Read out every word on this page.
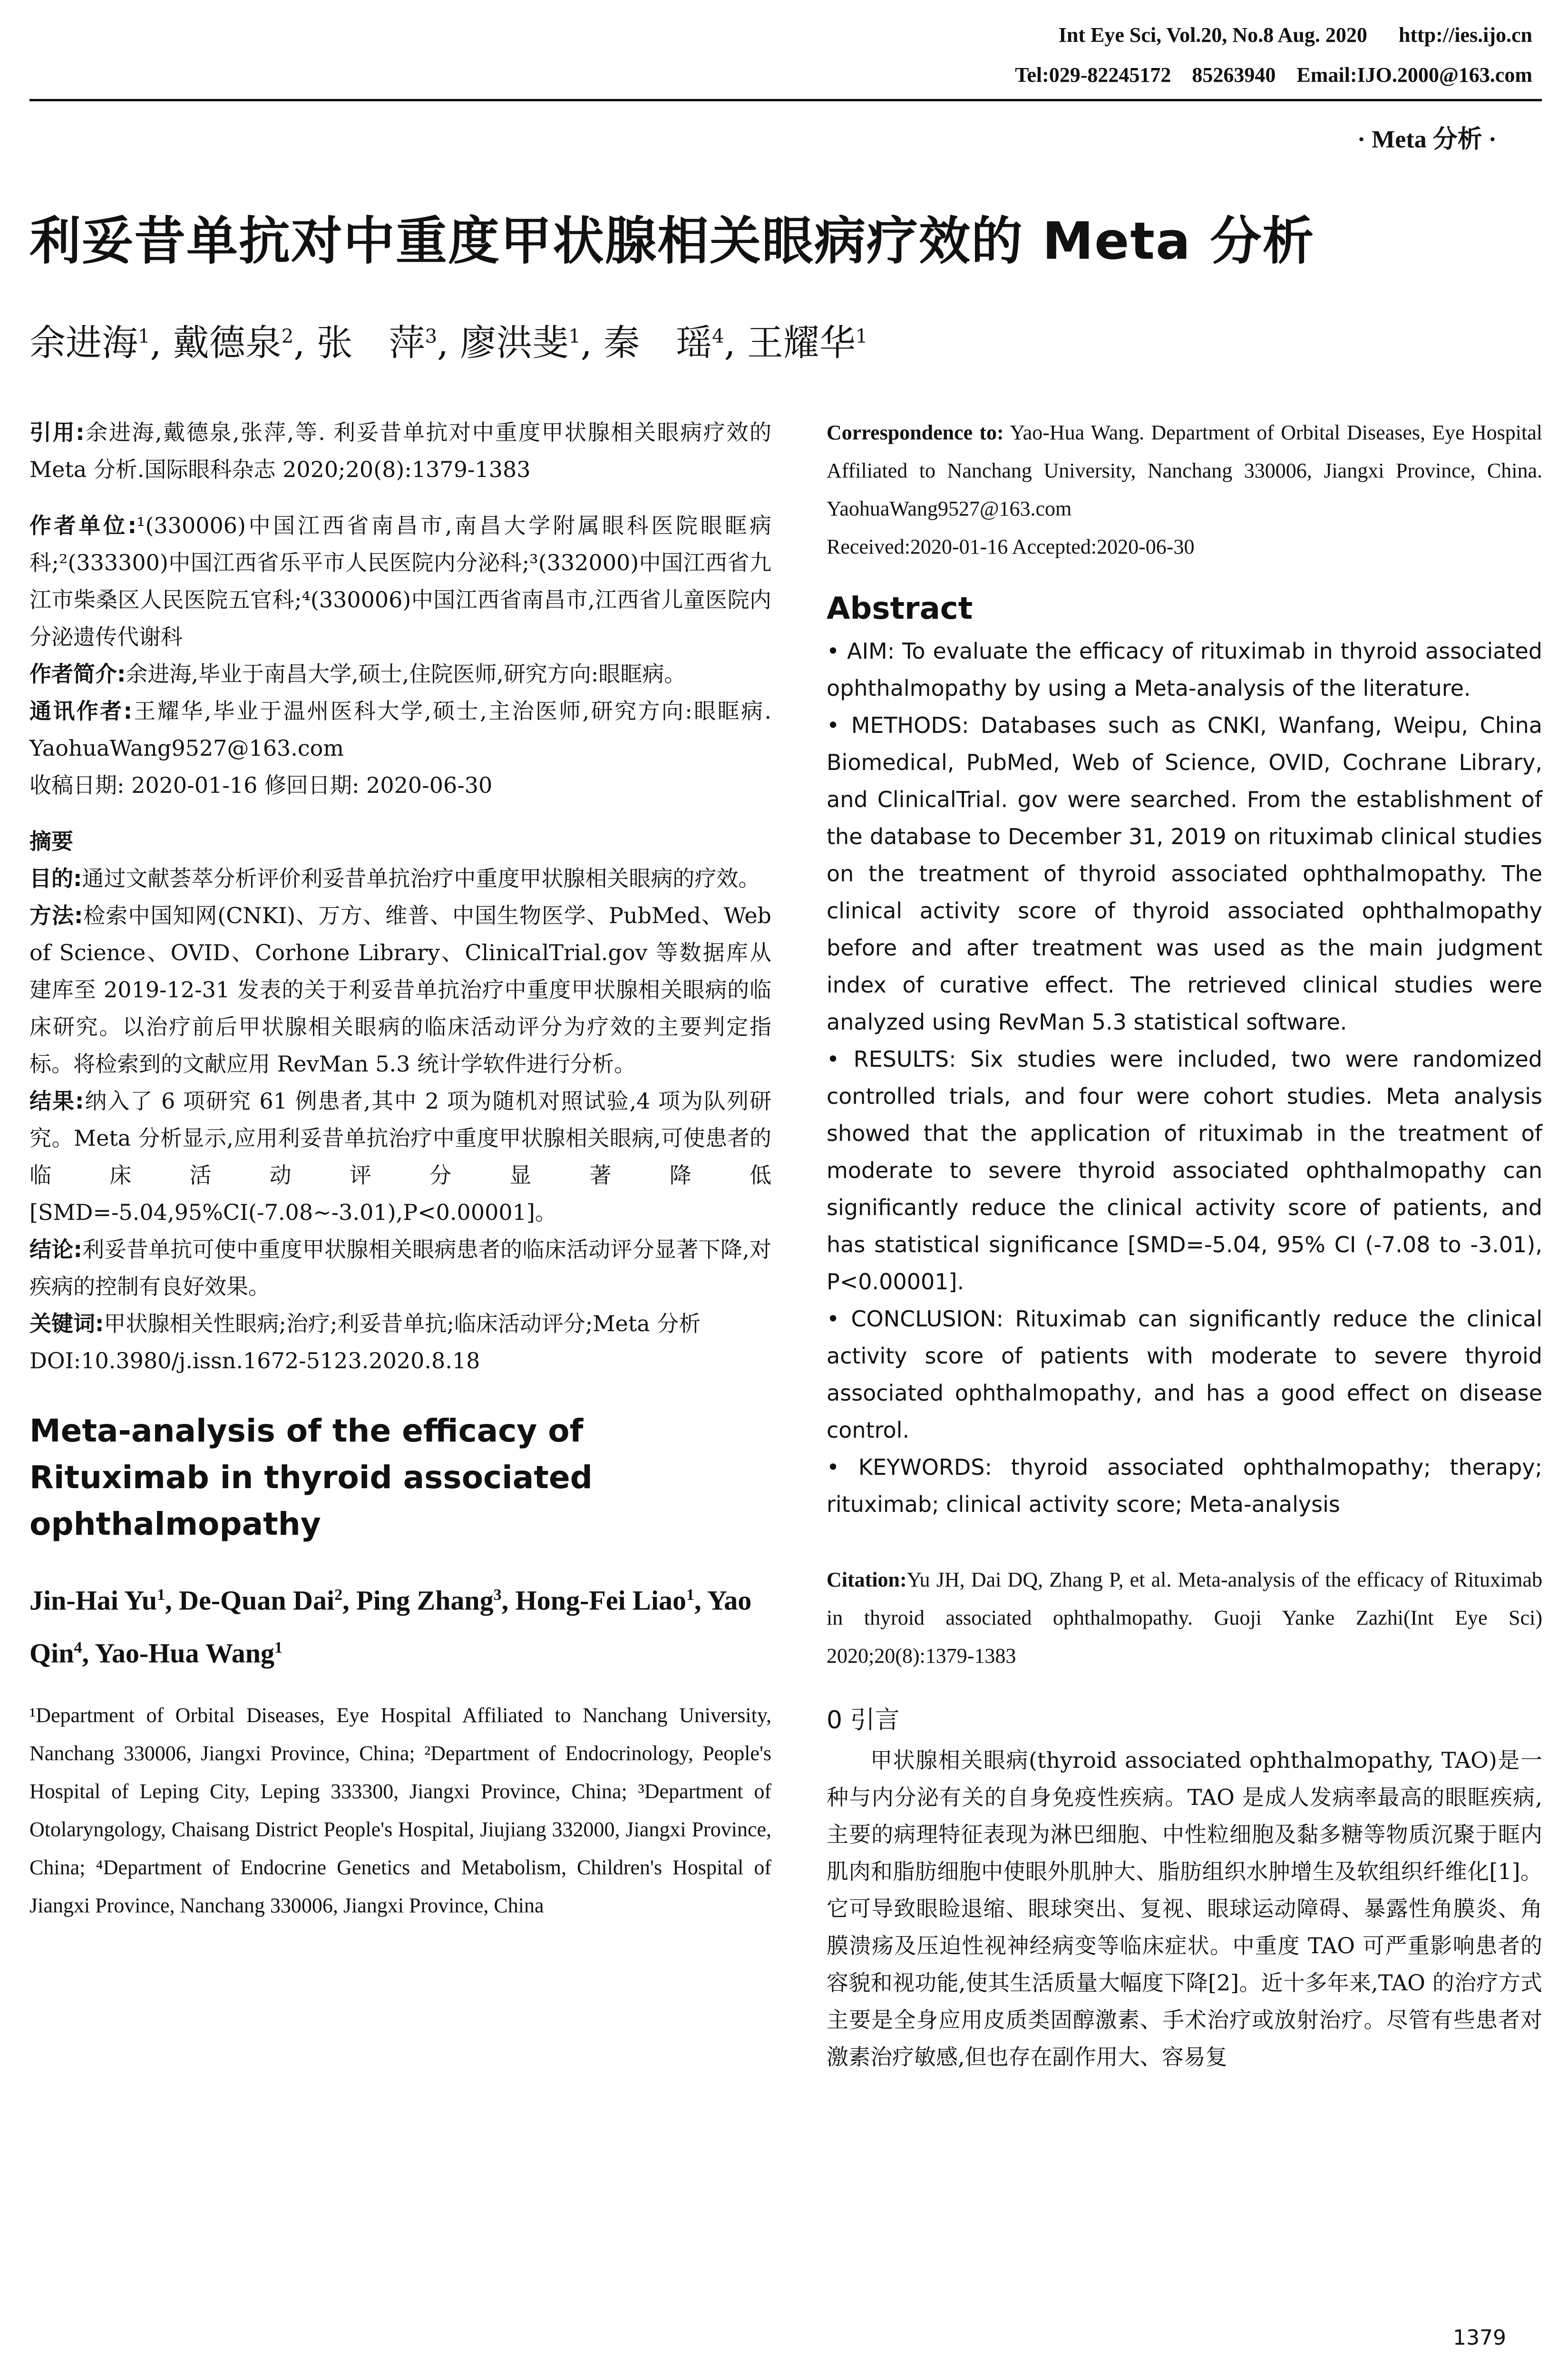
Int Eye Sci, Vol.20, No.8 Aug. 2020      http://ies.ijo.cn
Tel:029-82245172    85263940    Email:IJO.2000@163.com
· Meta 分析 ·
利妥昔单抗对中重度甲状腺相关眼病疗效的 Meta 分析
余进海$^1$, 戴德泉$^2$, 张　萍$^3$, 廖洪斐$^1$, 秦　瑶$^4$, 王耀华$^1$

引用:余进海,戴德泉,张萍,等. 利妥昔单抗对中重度甲状腺相关眼病疗效的 Meta 分析.国际眼科杂志 2020;20(8):1379-1383

作者单位:¹(330006)中国江西省南昌市,南昌大学附属眼科医院眼眶病科;²(333300)中国江西省乐平市人民医院内分泌科;³(332000)中国江西省九江市柴桑区人民医院五官科;⁴(330006)中国江西省南昌市,江西省儿童医院内分泌遗传代谢科

作者简介:余进海,毕业于南昌大学,硕士,住院医师,研究方向:眼眶病。

通讯作者:王耀华,毕业于温州医科大学,硕士,主治医师,研究方向:眼眶病. YaohuaWang9527@163.com

收稿日期: 2020-01-16 修回日期: 2020-06-30

摘要

目的:通过文献荟萃分析评价利妥昔单抗治疗中重度甲状腺相关眼病的疗效。

方法:检索中国知网(CNKI)、万方、维普、中国生物医学、PubMed、Web of Science、OVID、Corhone Library、ClinicalTrial.gov 等数据库从建库至 2019-12-31 发表的关于利妥昔单抗治疗中重度甲状腺相关眼病的临床研究。以治疗前后甲状腺相关眼病的临床活动评分为疗效的主要判定指标。将检索到的文献应用 RevMan 5.3 统计学软件进行分析。

结果:纳入了 6 项研究 61 例患者,其中 2 项为随机对照试验,4 项为队列研究。Meta 分析显示,应用利妥昔单抗治疗中重度甲状腺相关眼病,可使患者的临床活动评分显著降低[SMD=-5.04,95%CI(-7.08~-3.01),P<0.00001]。

结论:利妥昔单抗可使中重度甲状腺相关眼病患者的临床活动评分显著下降,对疾病的控制有良好效果。

关键词:甲状腺相关性眼病;治疗;利妥昔单抗;临床活动评分;Meta 分析

DOI:10.3980/j.issn.1672-5123.2020.8.18

Meta-analysis of the efficacy of Rituximab in thyroid associated ophthalmopathy

Jin-Hai Yu$^1$, De-Quan Dai$^2$, Ping Zhang$^3$, Hong-Fei Liao$^1$, Yao Qin$^4$, Yao-Hua Wang$^1$

¹Department of Orbital Diseases, Eye Hospital Affiliated to Nanchang University, Nanchang 330006, Jiangxi Province, China; ²Department of Endocrinology, People's Hospital of Leping City, Leping 333300, Jiangxi Province, China; ³Department of Otolaryngology, Chaisang District People's Hospital, Jiujiang 332000, Jiangxi Province, China; ⁴Department of Endocrine Genetics and Metabolism, Children's Hospital of Jiangxi Province, Nanchang 330006, Jiangxi Province, China

Correspondence to: Yao-Hua Wang. Department of Orbital Diseases, Eye Hospital Affiliated to Nanchang University, Nanchang 330006, Jiangxi Province, China. YaohuaWang9527@163.com

Received:2020-01-16 Accepted:2020-06-30

Abstract

• AIM: To evaluate the efficacy of rituximab in thyroid associated ophthalmopathy by using a Meta-analysis of the literature.

• METHODS: Databases such as CNKI, Wanfang, Weipu, China Biomedical, PubMed, Web of Science, OVID, Cochrane Library, and ClinicalTrial. gov were searched. From the establishment of the database to December 31, 2019 on rituximab clinical studies on the treatment of thyroid associated ophthalmopathy. The clinical activity score of thyroid associated ophthalmopathy before and after treatment was used as the main judgment index of curative effect. The retrieved clinical studies were analyzed using RevMan 5.3 statistical software.

• RESULTS: Six studies were included, two were randomized controlled trials, and four were cohort studies. Meta analysis showed that the application of rituximab in the treatment of moderate to severe thyroid associated ophthalmopathy can significantly reduce the clinical activity score of patients, and has statistical significance [SMD=-5.04, 95% CI (-7.08 to -3.01), P<0.00001].

• CONCLUSION: Rituximab can significantly reduce the clinical activity score of patients with moderate to severe thyroid associated ophthalmopathy, and has a good effect on disease control.

• KEYWORDS: thyroid associated ophthalmopathy; therapy; rituximab; clinical activity score; Meta-analysis

Citation:Yu JH, Dai DQ, Zhang P, et al. Meta-analysis of the efficacy of Rituximab in thyroid associated ophthalmopathy. Guoji Yanke Zazhi(Int Eye Sci) 2020;20(8):1379-1383

0 引言

甲状腺相关眼病(thyroid associated ophthalmopathy, TAO)是一种与内分泌有关的自身免疫性疾病。TAO 是成人发病率最高的眼眶疾病,主要的病理特征表现为淋巴细胞、中性粒细胞及黏多糖等物质沉聚于眶内肌肉和脂肪细胞中使眼外肌肿大、脂肪组织水肿增生及软组织纤维化[1]。它可导致眼睑退缩、眼球突出、复视、眼球运动障碍、暴露性角膜炎、角膜溃疡及压迫性视神经病变等临床症状。中重度 TAO 可严重影响患者的容貌和视功能,使其生活质量大幅度下降[2]。近十多年来,TAO 的治疗方式主要是全身应用皮质类固醇激素、手术治疗或放射治疗。尽管有些患者对激素治疗敏感,但也存在副作用大、容易复

1379
